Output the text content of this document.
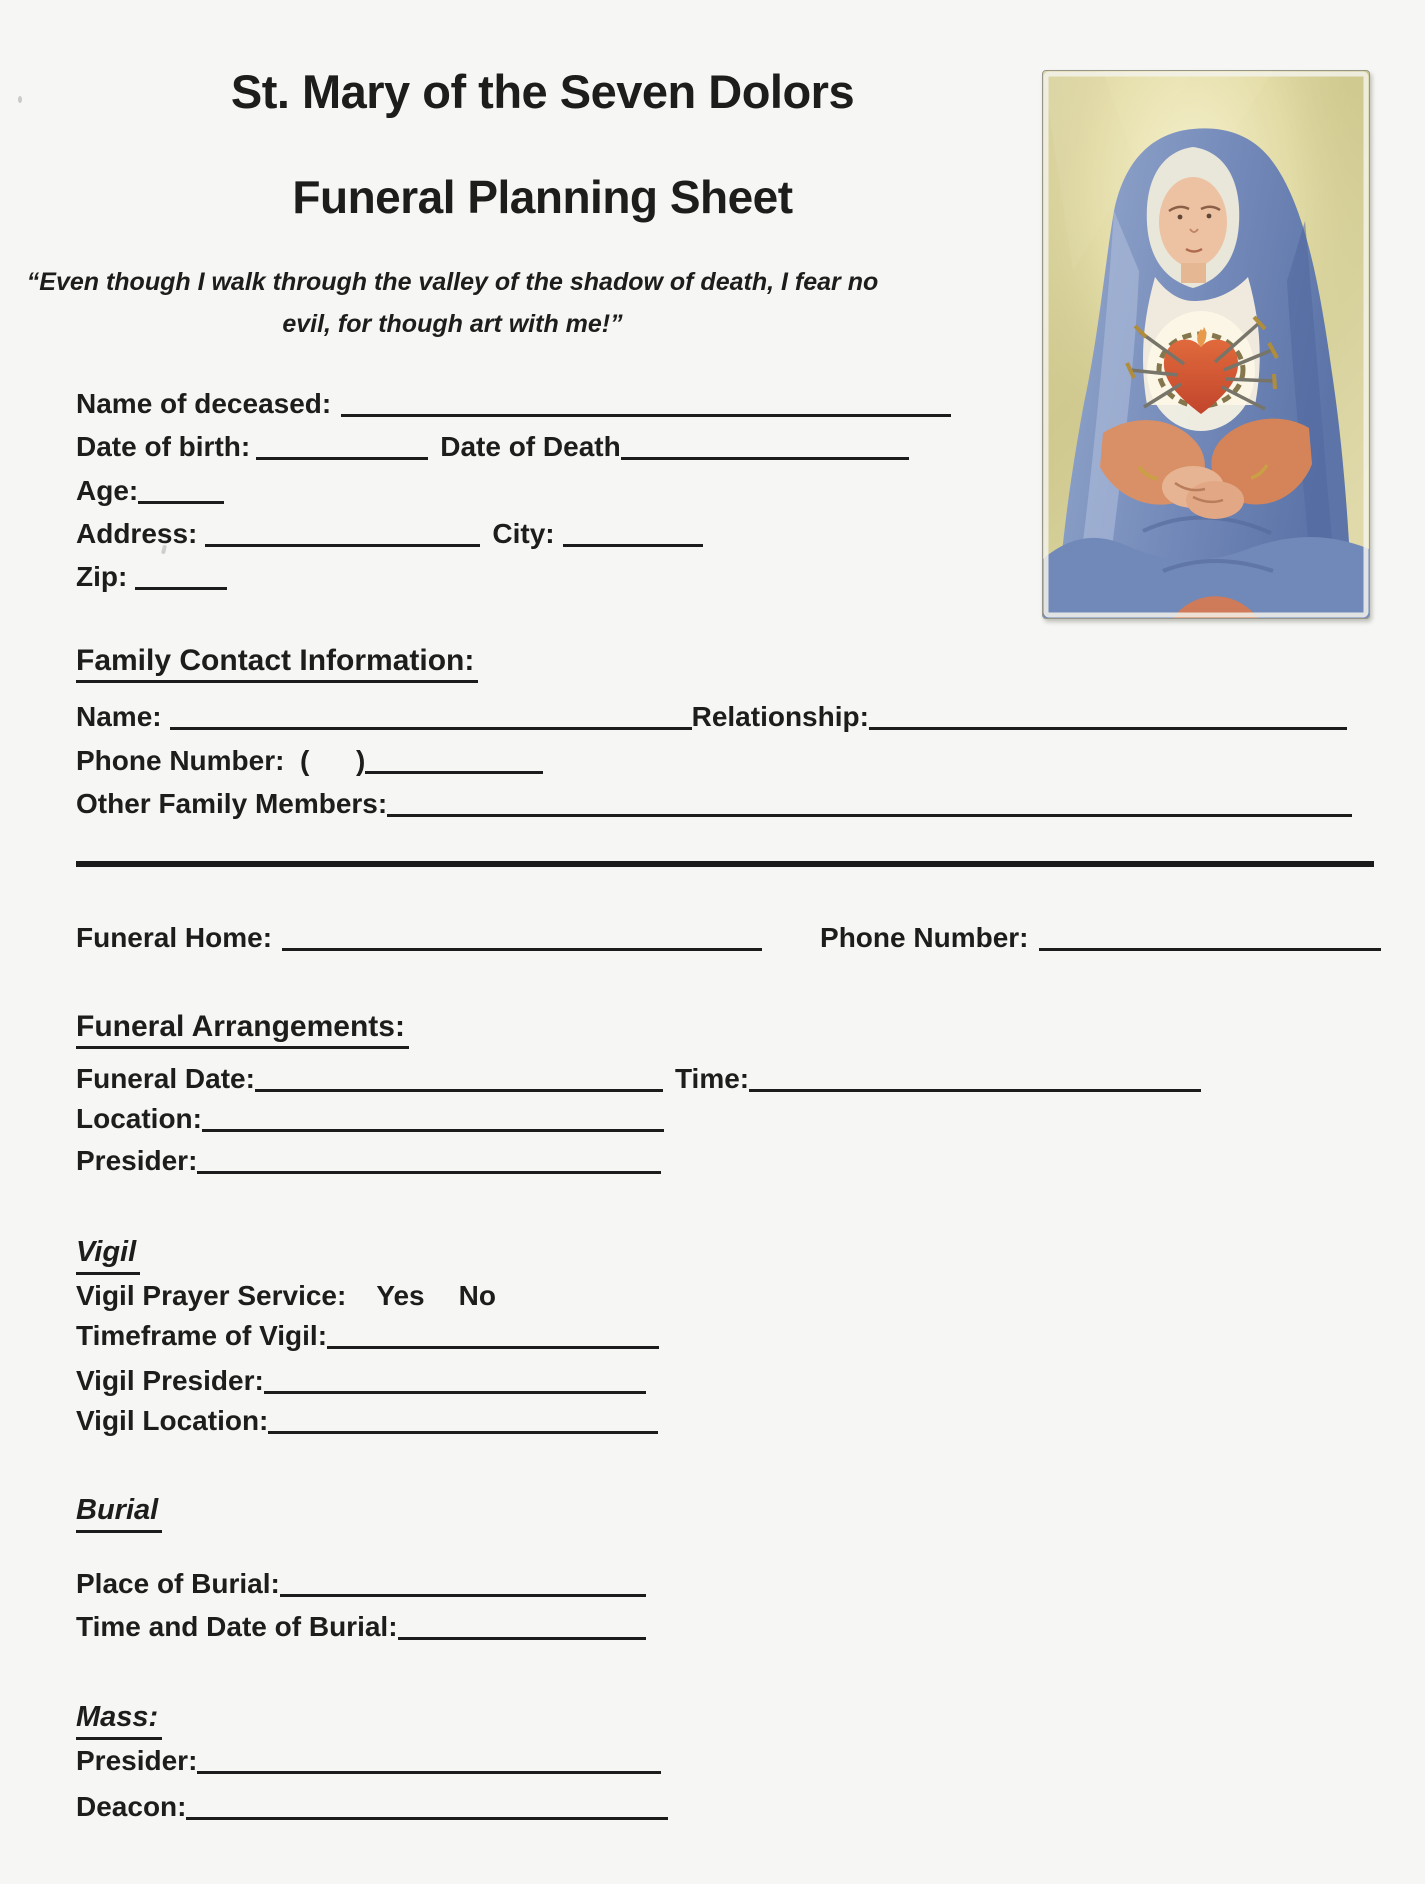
St. Mary of the Seven Dolors
Funeral Planning Sheet
“Even though I walk through the valley of the shadow of death, I fear no
evil, for though art with me!”
Name of deceased:
Date of birth:	Date of Death
Age:
Address:	City:
Zip:
Family Contact Information:
Name:	Relationship:
Phone Number:  (      )
Other Family Members:
Funeral Home:	Phone Number:
Funeral Arrangements:
Funeral Date:	Time:
Location:
Presider:
Vigil
Vigil Prayer Service: Yes No
Timeframe of Vigil:
Vigil Presider:
Vigil Location:
Burial
Place of Burial:
Time and Date of Burial:
Mass:
Presider:
Deacon:
